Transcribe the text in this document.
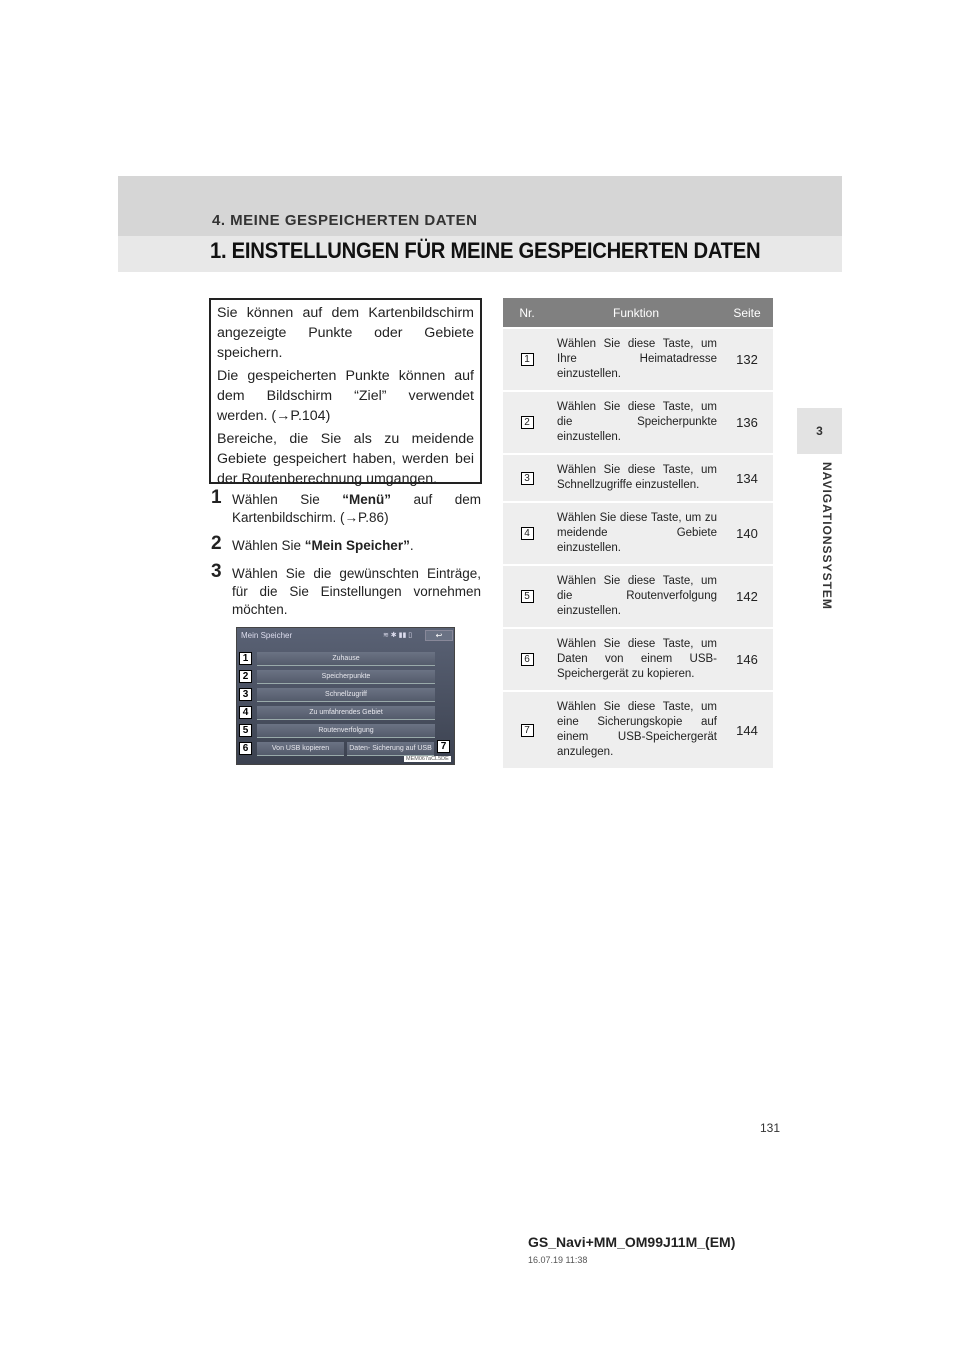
4. MEINE GESPEICHERTEN DATEN
1. EINSTELLUNGEN FÜR MEINE GESPEICHERTEN DATEN
3
NAVIGATIONSSYSTEM

Sie können auf dem Kartenbildschirm angezeigte Punkte oder Gebiete speichern.

Die gespeicherten Punkte können auf dem Bildschirm “Ziel” verwendet werden. (→P.104)

Bereiche, die Sie als zu meidende Gebiete gespeichert haben, werden bei der Routenberechnung umgangen.

1 Wählen Sie “Menü” auf dem Kartenbildschirm. (→P.86)
2 Wählen Sie “Mein Speicher”.
3 Wählen Sie die gewünschten Einträge, für die Sie Einstellungen vornehmen möchten.
Mein Speicher	≋ ✱ ▮▮ ▯	↩
Zuhause
Speicherpunkte
Schnellzugriff
Zu umfahrendes Gebiet
Routenverfolgung
Von USB kopieren	Daten- Sicherung auf USB
1
2
3
4
5
6	7
MEM067aCL5DE
Nr.	Funktion	Seite
1	Wählen Sie diese Taste, um Ihre Heimatadresse einzustellen.	132
2	Wählen Sie diese Taste, um die Speicherpunkte einzustellen.	136
3	Wählen Sie diese Taste, um Schnellzugriffe einzustellen.	134
4	Wählen Sie diese Taste, um zu meidende Gebiete einzustellen.	140
5	Wählen Sie diese Taste, um die Routenverfolgung einzustellen.	142
6	Wählen Sie diese Taste, um Daten von einem USB-Speichergerät zu kopieren.	146
7	Wählen Sie diese Taste, um eine Sicherungskopie auf einem USB-Speichergerät anzulegen.	144
131
GS_Navi+MM_OM99J11M_(EM)
16.07.19 11:38
